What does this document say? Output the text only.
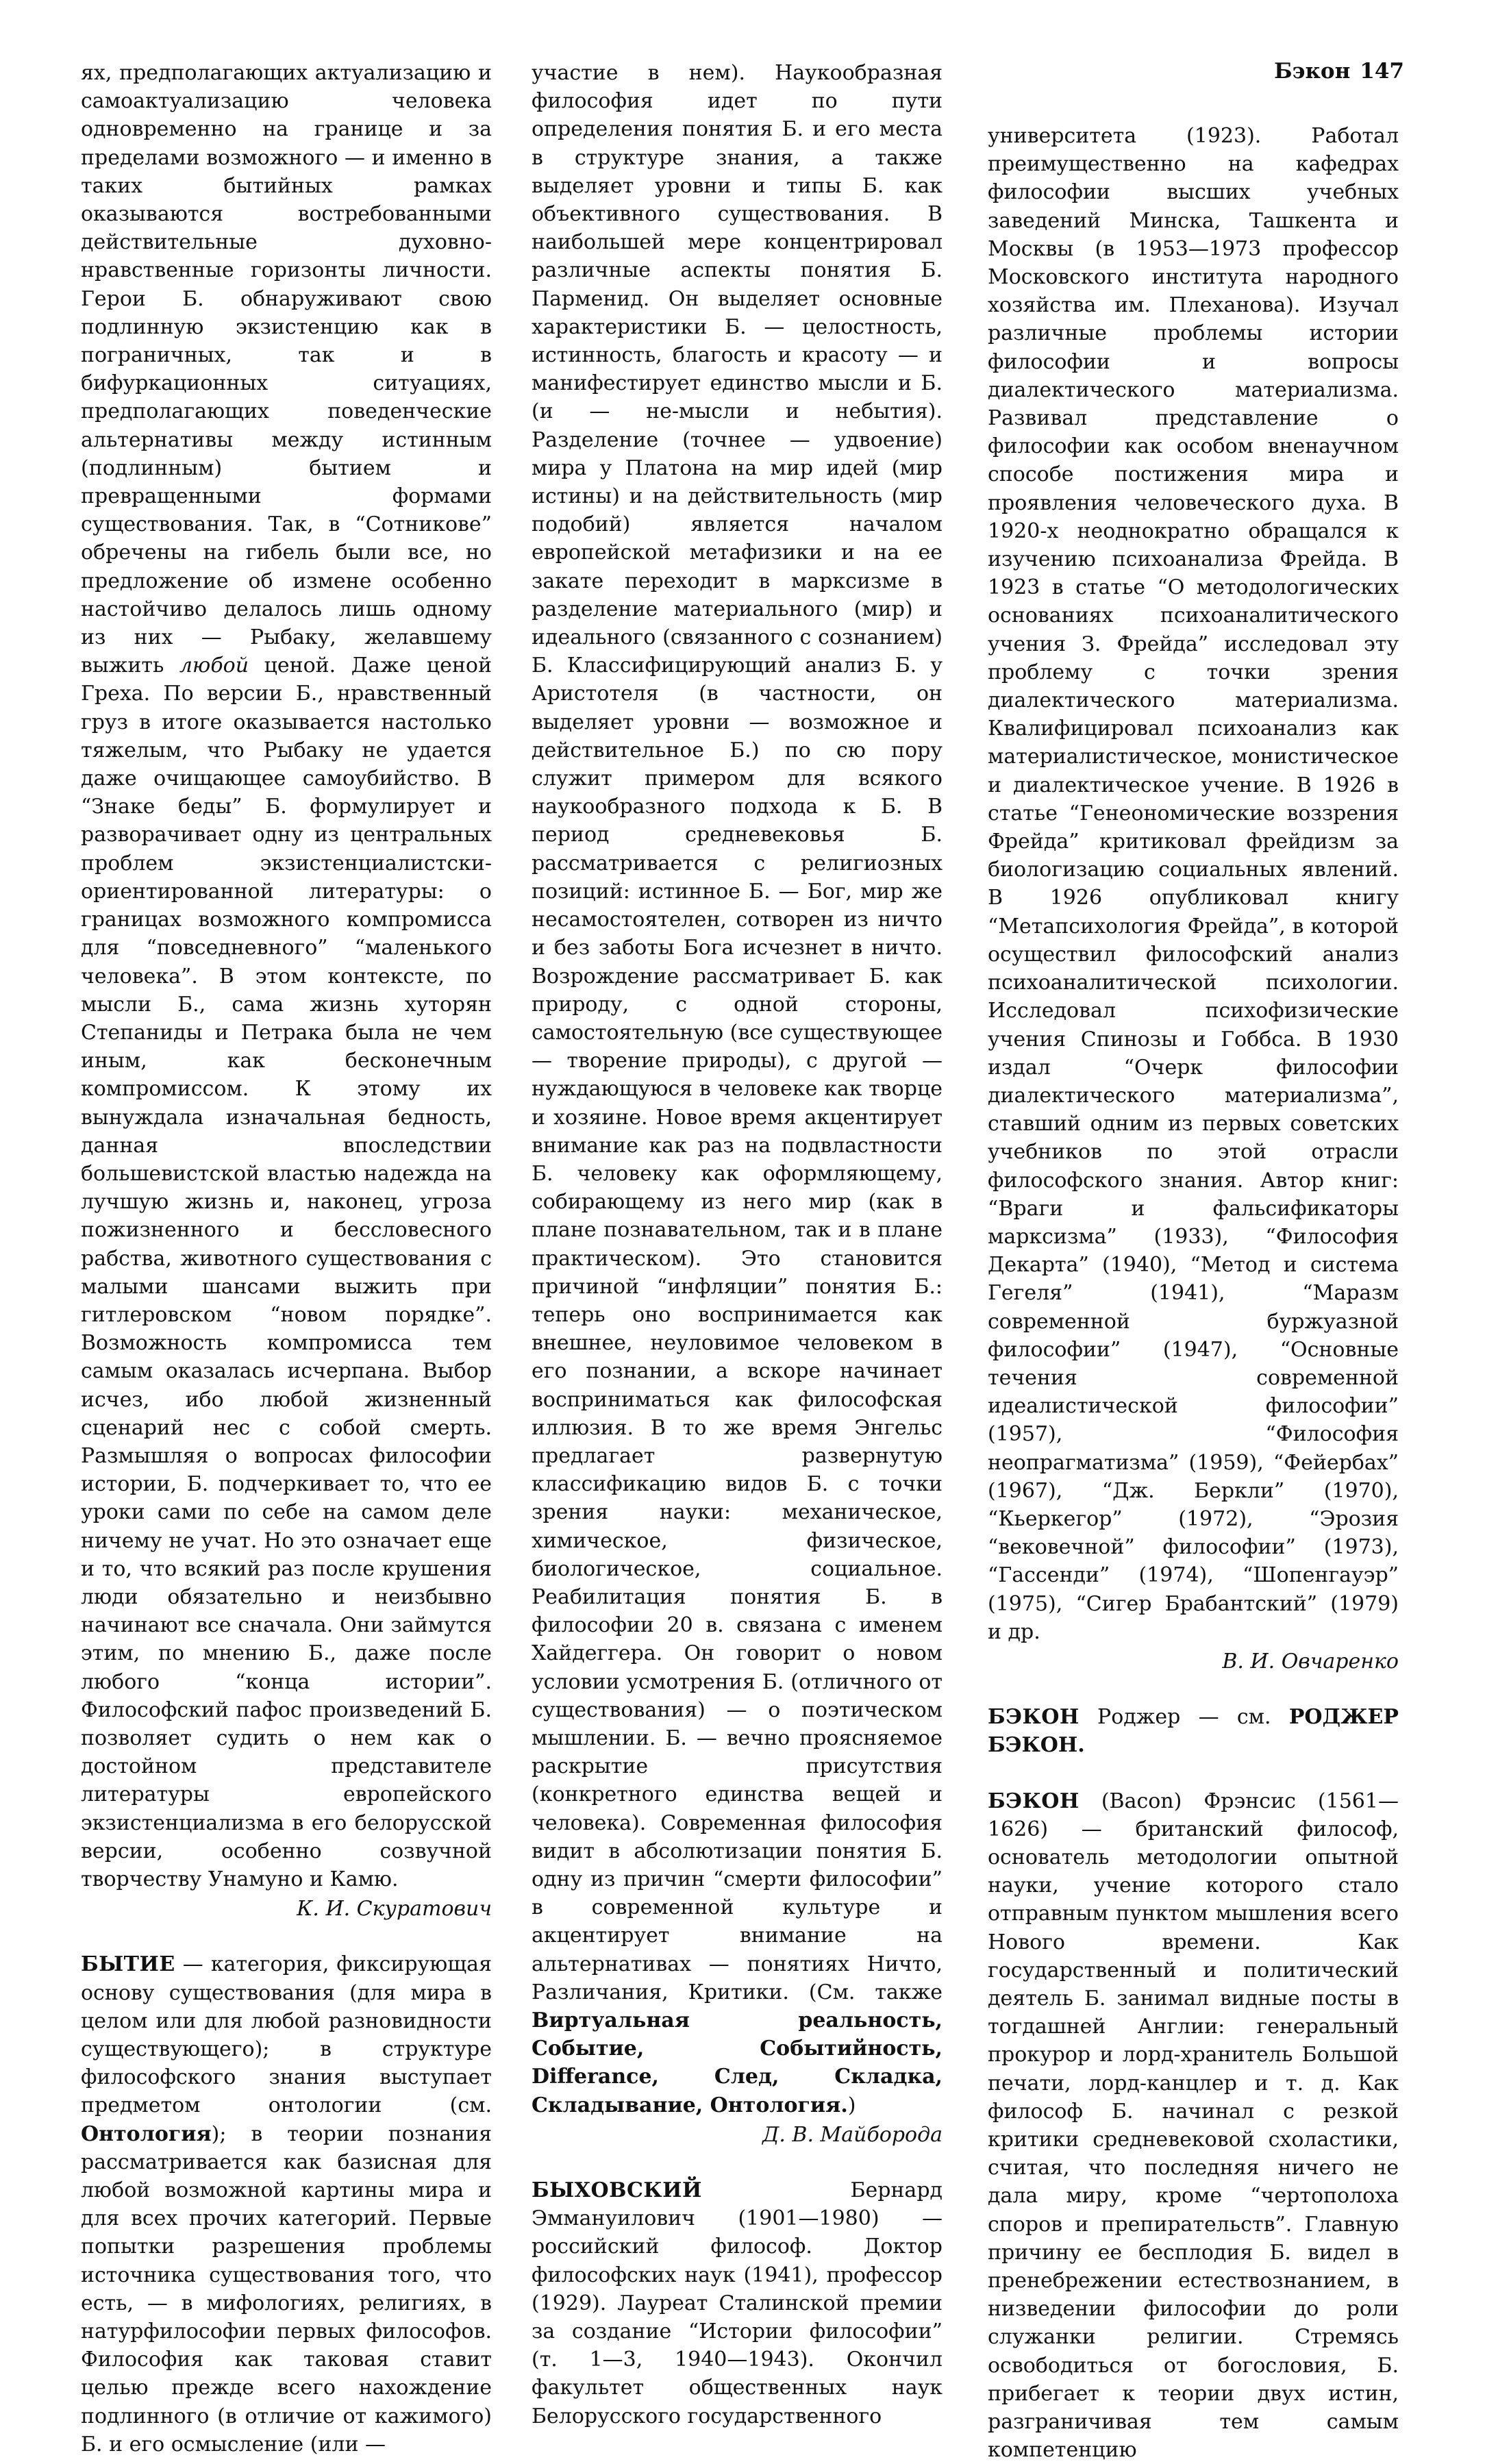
Бэкон 147

ях, предполагающих актуализацию и самоактуализацию человека одновременно на границе и за пределами возможного — и именно в таких бытийных рамках оказываются востребованными действительные духовно-нравственные горизонты личности. Герои Б. обнаруживают свою подлинную экзистенцию как в пограничных, так и в бифуркационных ситуациях, предполагающих поведенческие альтернативы между истинным (подлинным) бытием и превращенными формами существования. Так, в “Сотникове” обречены на гибель были все, но предложение об измене особенно настойчиво делалось лишь одному из них — Рыбаку, желавшему выжить любой ценой. Даже ценой Греха. По версии Б., нравственный груз в итоге оказывается настолько тяжелым, что Рыбаку не удается даже очищающее самоубийство. В “Знаке беды” Б. формулирует и разворачивает одну из центральных проблем экзистенциалистски-ориентированной литературы: о границах возможного компромисса для “повседневного” “маленького человека”. В этом контексте, по мысли Б., сама жизнь хуторян Степаниды и Петрака была не чем иным, как бесконечным компромиссом. К этому их вынуждала изначальная бедность, данная впоследствии большевистской властью надежда на лучшую жизнь и, наконец, угроза пожизненного и бессловесного рабства, животного существования с малыми шансами выжить при гитлеровском “новом порядке”. Возможность компромисса тем самым оказалась исчерпана. Выбор исчез, ибо любой жизненный сценарий нес с собой смерть. Размышляя о вопросах философии истории, Б. подчеркивает то, что ее уроки сами по себе на самом деле ничему не учат. Но это означает еще и то, что всякий раз после крушения люди обязательно и неизбывно начинают все сначала. Они займутся этим, по мнению Б., даже после любого “конца истории”. Философский пафос произведений Б. позволяет судить о нем как о достойном представителе литературы европейского экзистенциализма в его белорусской версии, особенно созвучной творчеству Унамуно и Камю.

К. И. Скуратович

БЫТИЕ — категория, фиксирующая основу существования (для мира в целом или для любой разновидности существующего); в структуре философского знания выступает предметом онтологии (см. Онтология); в теории познания рассматривается как базисная для любой возможной картины мира и для всех прочих категорий. Первые попытки разрешения проблемы источника существования того, что есть, — в мифологиях, религиях, в натурфилософии первых философов. Философия как таковая ставит целью прежде всего нахождение подлинного (в отличие от кажимого) Б. и его осмысление (или —

участие в нем). Наукообразная философия идет по пути определения понятия Б. и его места в структуре знания, а также выделяет уровни и типы Б. как объективного существования. В наибольшей мере концентрировал различные аспекты понятия Б. Парменид. Он выделяет основные характеристики Б. — целостность, истинность, благость и красоту — и манифестирует единство мысли и Б. (и — не-мысли и небытия). Разделение (точнее — удвоение) мира у Платона на мир идей (мир истины) и на действительность (мир подобий) является началом европейской метафизики и на ее закате переходит в марксизме в разделение материального (мир) и идеального (связанного с сознанием) Б. Классифицирующий анализ Б. у Аристотеля (в частности, он выделяет уровни — возможное и действительное Б.) по сю пору служит примером для всякого наукообразного подхода к Б. В период средневековья Б. рассматривается с религиозных позиций: истинное Б. — Бог, мир же несамостоятелен, сотворен из ничто и без заботы Бога исчезнет в ничто. Возрождение рассматривает Б. как природу, с одной стороны, самостоятельную (все существующее — творение природы), с другой — нуждающуюся в человеке как творце и хозяине. Новое время акцентирует внимание как раз на подвластности Б. человеку как оформляющему, собирающему из него мир (как в плане познавательном, так и в плане практическом). Это становится причиной “инфляции” понятия Б.: теперь оно воспринимается как внешнее, неуловимое человеком в его познании, а вскоре начинает восприниматься как философская иллюзия. В то же время Энгельс предлагает развернутую классификацию видов Б. с точки зрения науки: механическое, химическое, физическое, биологическое, социальное. Реабилитация понятия Б. в философии 20 в. связана с именем Хайдеггера. Он говорит о новом условии усмотрения Б. (отличного от существования) — о поэтическом мышлении. Б. — вечно проясняемое раскрытие присутствия (конкретного единства вещей и человека). Современная философия видит в абсолютизации понятия Б. одну из причин “смерти философии” в современной культуре и акцентирует внимание на альтернативах — понятиях Ничто, Различания, Критики. (См. также Виртуальная реальность, Событие, Событийность, Differance, След, Складка, Складывание, Онтология.)

Д. В. Майборода

БЫХОВСКИЙ	Бернард Эммануилович (1901—1980) — российский философ. Доктор философских наук (1941), профессор (1929). Лауреат Сталинской премии за создание “Истории философии” (т. 1—3, 1940—1943). Окончил факультет общественных наук Белорусского государственного

университета (1923). Работал преимущественно на кафедрах философии высших учебных заведений Минска, Ташкента и Москвы (в 1953—1973 профессор Московского института народного хозяйства им. Плеханова). Изучал различные проблемы истории философии и вопросы диалектического материализма. Развивал представление о философии как особом вненаучном способе постижения мира и проявления человеческого духа. В 1920-х неоднократно обращался к изучению психоанализа Фрейда. В 1923 в статье “О методологических основаниях психоаналитического учения З. Фрейда” исследовал эту проблему с точки зрения диалектического материализма. Квалифицировал психоанализ как материалистическое, монистическое и диалектическое учение. В 1926 в статье “Генеономические воззрения Фрейда” критиковал фрейдизм за биологизацию социальных явлений. В 1926 опубликовал книгу “Метапсихология Фрейда”, в которой осуществил философский анализ психоаналитической психологии. Исследовал психофизические учения Спинозы и Гоббса. В 1930 издал “Очерк философии диалектического материализма”, ставший одним из первых советских учебников по этой отрасли философского знания. Автор книг: “Враги и фальсификаторы марксизма” (1933), “Философия Декарта” (1940), “Метод и система Гегеля” (1941), “Маразм современной буржуазной философии” (1947), “Основные течения современной идеалистической философии” (1957), “Философия неопрагматизма” (1959), “Фейербах” (1967), “Дж. Беркли” (1970), “Кьеркегор” (1972), “Эрозия “вековечной” философии” (1973), “Гассенди” (1974), “Шопенгауэр” (1975), “Сигер Брабантский” (1979) и др.

В. И. Овчаренко

БЭКОН Роджер — см. РОДЖЕР БЭКОН.

БЭКОН (Bacon) Фрэнсис (1561—1626) — британский философ, основатель методологии опытной науки, учение которого стало отправным пунктом мышления всего Нового времени. Как государственный и политический деятель Б. занимал видные посты в тогдашней Англии: генеральный прокурор и лорд-хранитель Большой печати, лорд-канцлер и т. д. Как философ Б. начинал с резкой критики средневековой схоластики, считая, что последняя ничего не дала миру, кроме “чертополоха споров и препирательств”. Главную причину ее бесплодия Б. видел в пренебрежении естествознанием, в низведении философии до роли служанки религии. Стремясь освободиться от богословия, Б. прибегает к теории двух истин, разграничивая тем самым компетенцию
